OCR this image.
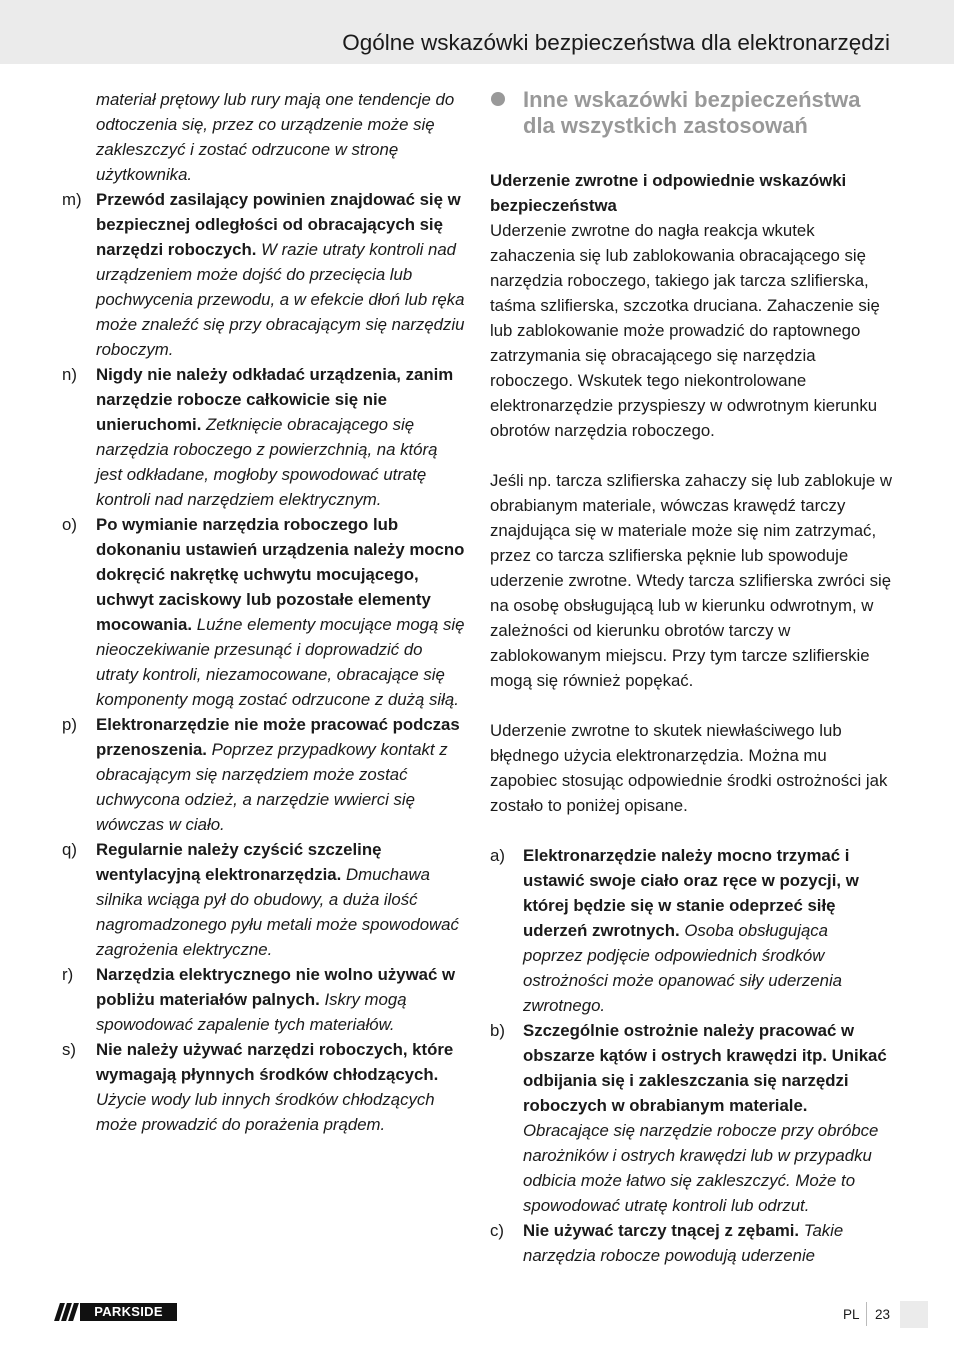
Ogólne wskazówki bezpieczeństwa dla elektronarzędzi

materiał prętowy lub rury mają one tendencje do odtoczenia się, przez co urządzenie może się zakleszczyć i zostać odrzucone w stronę użytkownika.

m) Przewód zasilający powinien znajdować się w bezpiecznej odległości od obracających się narzędzi roboczych. W razie utraty kontroli nad urządzeniem może dojść do przecięcia lub pochwycenia przewodu, a w efekcie dłoń lub ręka może znaleźć się przy obracającym się narzędziu roboczym.
n)	Nigdy nie należy odkładać urządzenia, zanim narzędzie robocze całkowicie się nie unieruchomi. Zetknięcie obracającego się narzędzia roboczego z powierzchnią, na którą jest odkładane, mogłoby spowodować utratę kontroli nad narzędziem elektrycznym.
o)	Po wymianie narzędzia roboczego lub dokonaniu ustawień urządzenia należy mocno dokręcić nakrętkę uchwytu mocującego, uchwyt zaciskowy lub pozostałe elementy mocowania. Luźne elementy mocujące mogą się nieoczekiwanie przesunąć i doprowadzić do utraty kontroli, niezamocowane, obracające się komponenty mogą zostać odrzucone z dużą siłą.
p)	Elektronarzędzie nie może pracować podczas przenoszenia. Poprzez przypadkowy kontakt z obracającym się narzędziem może zostać uchwycona odzież, a narzędzie wwierci się wówczas w ciało.
q)	Regularnie należy czyścić szczelinę wentylacyjną elektronarzędzia. Dmuchawa silnika wciąga pył do obudowy, a duża ilość nagromadzonego pyłu metali może spowodować zagrożenia elektryczne.
r)	Narzędzia elektrycznego nie wolno używać w pobliżu materiałów palnych. Iskry mogą spowodować zapalenie tych materiałów.
s)	Nie należy używać narzędzi roboczych, które wymagają płynnych środków chłodzących. Użycie wody lub innych środków chłodzących może prowadzić do porażenia prądem.
Inne wskazówki bezpieczeństwa dla wszystkich zastosowań

Uderzenie zwrotne i odpowiednie wskazówki bezpieczeństwa

Uderzenie zwrotne do nagła reakcja wkutek zahaczenia się lub zablokowania obracającego się narzędzia roboczego, takiego jak tarcza szlifierska, taśma szlifierska, szczotka druciana. Zahaczenie się lub zablokowanie może prowadzić do raptownego zatrzymania się obracającego się narzędzia roboczego. Wskutek tego niekontrolowane elektronarzędzie przyspieszy w odwrotnym kierunku obrotów narzędzia roboczego.

Jeśli np. tarcza szlifierska zahaczy się lub zablokuje w obrabianym materiale, wówczas krawędź tarczy znajdująca się w materiale może się nim zatrzymać, przez co tarcza szlifierska pęknie lub spowoduje uderzenie zwrotne. Wtedy tarcza szlifierska zwróci się na osobę obsługującą lub w kierunku odwrotnym, w zależności od kierunku obrotów tarczy w zablokowanym miejscu. Przy tym tarcze szlifierskie mogą się również popękać.

Uderzenie zwrotne to skutek niewłaściwego lub błędnego użycia elektronarzędzia. Można mu zapobiec stosując odpowiednie środki ostrożności jak zostało to poniżej opisane.

a)	Elektronarzędzie należy mocno trzymać i ustawić swoje ciało oraz ręce w pozycji, w której będzie się w stanie odeprzeć siłę uderzeń zwrotnych. Osoba obsługująca poprzez podjęcie odpowiednich środków ostrożności może opanować siły uderzenia zwrotnego.
b)	Szczególnie ostrożnie należy pracować w obszarze kątów i ostrych krawędzi itp. Unikać odbijania się i zakleszczania się narzędzi roboczych w obrabianym materiale. Obracające się narzędzie robocze przy obróbce narożników i ostrych krawędzi lub w przypadku odbicia może łatwo się zakleszczyć. Może to spowodować utratę kontroli lub odrzut.
c)	Nie używać tarczy tnącej z zębami. Takie narzędzia robocze powodują uderzenie
PARKSIDE	PL 23
